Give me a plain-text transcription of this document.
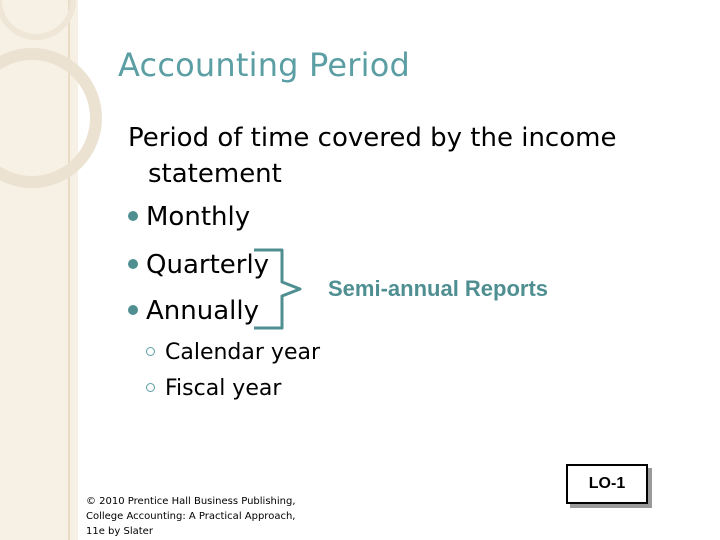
Accounting Period
Period of time covered by the income
statement
Monthly
Quarterly
Annually
Semi-annual Reports
Calendar year
Fiscal year
© 2010 Prentice Hall Business Publishing,
College Accounting: A Practical Approach,
11e by Slater
LO-1
